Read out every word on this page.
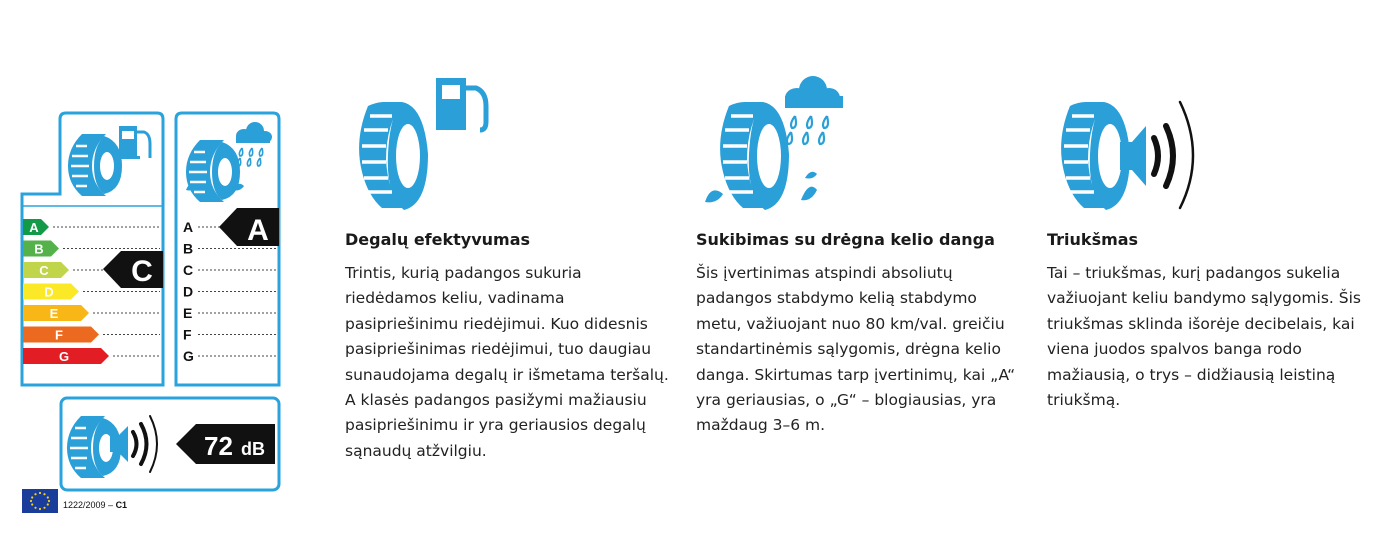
A
B
C
D
E
F
G
A
B
C
D
E
F
G
C
A
72 dB
1222/2009 – C1
Degalų efektyvumas
Trintis, kurią padangos sukuria riedėdamos keliu, vadinama pasipriešinimu riedėjimui. Kuo didesnis pasipriešinimas riedėjimui, tuo daugiau sunaudojama degalų ir išmetama teršalų. A klasės padangos pasižymi mažiausiu pasipriešinimu ir yra geriausios degalų sąnaudų atžvilgiu.
Sukibimas su drėgna kelio danga
Šis įvertinimas atspindi absoliutų padangos stabdymo kelią stabdymo metu, važiuojant nuo 80 km/val. greičiu standartinėmis sąlygomis, drėgna kelio danga. Skirtumas tarp įvertinimų, kai „A“ yra geriausias, o „G“ – blogiausias, yra maždaug 3–6 m.
Triukšmas
Tai – triukšmas, kurį padangos sukelia važiuojant keliu bandymo sąlygomis. Šis triukšmas sklinda išorėje decibelais, kai viena juodos spalvos banga rodo mažiausią, o trys – didžiausią leistiną triukšmą.
